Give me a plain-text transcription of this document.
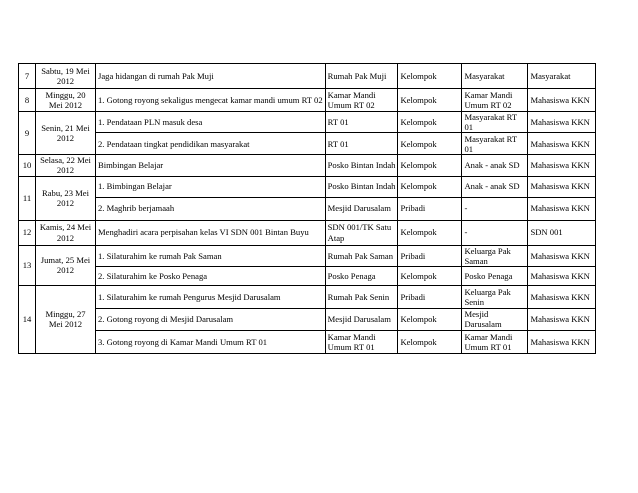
7	Sabtu, 19 Mei 2012	Jaga hidangan di rumah Pak Muji	Rumah Pak Muji	Kelompok	Masyarakat	Masyarakat
8	Minggu, 20 Mei 2012	1. Gotong royong sekaligus mengecat kamar mandi umum RT 02	Kamar Mandi Umum RT 02	Kelompok	Kamar Mandi Umum RT 02	Mahasiswa KKN
9	Senin, 21 Mei 2012	1. Pendataan PLN masuk desa	RT 01	Kelompok	Masyarakat RT 01	Mahasiswa KKN
		2. Pendataan tingkat pendidikan masyarakat	RT 01	Kelompok	Masyarakat RT 01	Mahasiswa KKN
10	Selasa, 22 Mei 2012	Bimbingan Belajar	Posko Bintan Indah	Kelompok	Anak - anak SD	Mahasiswa KKN
11	Rabu, 23 Mei 2012	1. Bimbingan Belajar	Posko Bintan Indah	Kelompok	Anak - anak SD	Mahasiswa KKN
		2. Maghrib berjamaah	Mesjid Darusalam	Pribadi	-	Mahasiswa KKN
12	Kamis, 24 Mei 2012	Menghadiri acara perpisahan kelas VI SDN 001 Bintan Buyu	SDN 001/TK Satu Atap	Kelompok	-	SDN 001
13	Jumat, 25 Mei 2012	1. Silaturahim ke rumah Pak Saman	Rumah Pak Saman	Pribadi	Keluarga Pak Saman	Mahasiswa KKN
		2. Silaturahim ke Posko Penaga	Posko Penaga	Kelompok	Posko Penaga	Mahasiswa KKN
14	Minggu, 27 Mei 2012	1. Silaturahim ke rumah Pengurus Mesjid Darusalam	Rumah Pak Senin	Pribadi	Keluarga Pak Senin	Mahasiswa KKN
		2. Gotong royong di Mesjid Darusalam	Mesjid Darusalam	Kelompok	Mesjid Darusalam	Mahasiswa KKN
		3. Gotong royong di Kamar Mandi Umum RT 01	Kamar Mandi Umum RT 01	Kelompok	Kamar Mandi Umum RT 01	Mahasiswa KKN
